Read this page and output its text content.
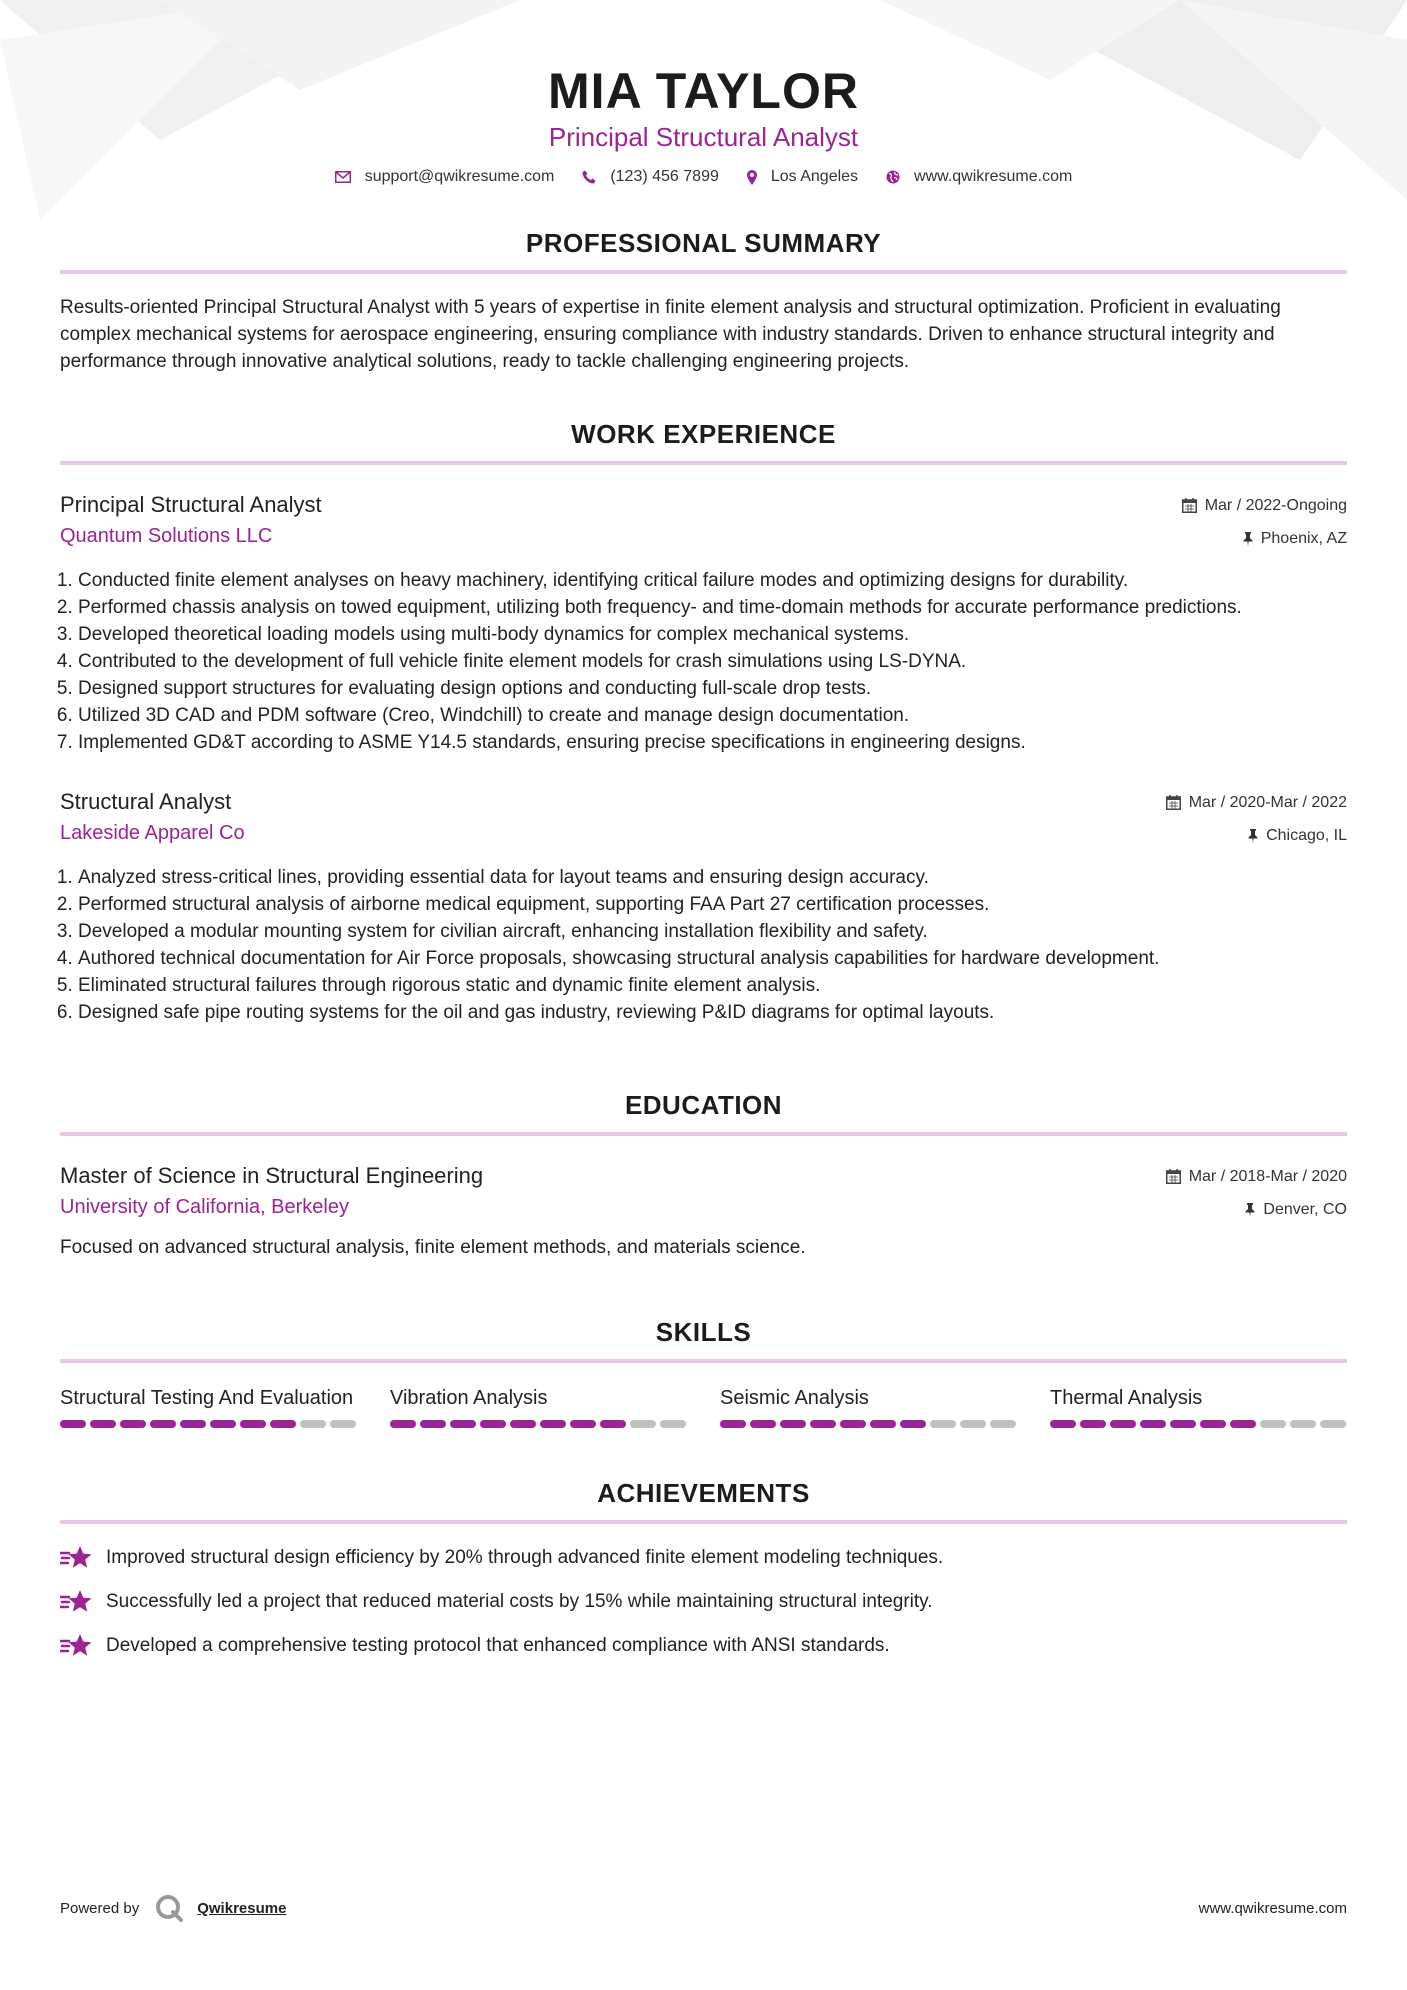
MIA TAYLOR
Principal Structural Analyst
support@qwikresume.com	(123) 456 7899	Los Angeles	www.qwikresume.com
PROFESSIONAL SUMMARY

Results-oriented Principal Structural Analyst with 5 years of expertise in finite element analysis and structural optimization. Proficient in evaluating complex mechanical systems for aerospace engineering, ensuring compliance with industry standards. Driven to enhance structural integrity and performance through innovative analytical solutions, ready to tackle challenging engineering projects.

WORK EXPERIENCE
Principal Structural Analyst
Quantum Solutions LLC
Mar / 2022-Ongoing
Phoenix, AZ
1. Conducted finite element analyses on heavy machinery, identifying critical failure modes and optimizing designs for durability.
2. Performed chassis analysis on towed equipment, utilizing both frequency- and time-domain methods for accurate performance predictions.
3. Developed theoretical loading models using multi-body dynamics for complex mechanical systems.
4. Contributed to the development of full vehicle finite element models for crash simulations using LS-DYNA.
5. Designed support structures for evaluating design options and conducting full-scale drop tests.
6. Utilized 3D CAD and PDM software (Creo, Windchill) to create and manage design documentation.
7. Implemented GD&T according to ASME Y14.5 standards, ensuring precise specifications in engineering designs.
Structural Analyst
Lakeside Apparel Co
Mar / 2020-Mar / 2022
Chicago, IL
1. Analyzed stress-critical lines, providing essential data for layout teams and ensuring design accuracy.
2. Performed structural analysis of airborne medical equipment, supporting FAA Part 27 certification processes.
3. Developed a modular mounting system for civilian aircraft, enhancing installation flexibility and safety.
4. Authored technical documentation for Air Force proposals, showcasing structural analysis capabilities for hardware development.
5. Eliminated structural failures through rigorous static and dynamic finite element analysis.
6. Designed safe pipe routing systems for the oil and gas industry, reviewing P&ID diagrams for optimal layouts.
EDUCATION
Master of Science in Structural Engineering
University of California, Berkeley
Mar / 2018-Mar / 2020
Denver, CO

Focused on advanced structural analysis, finite element methods, and materials science.

SKILLS
Structural Testing And Evaluation	Vibration Analysis	Seismic Analysis	Thermal Analysis
ACHIEVEMENTS
Improved structural design efficiency by 20% through advanced finite element modeling techniques.
Successfully led a project that reduced material costs by 15% while maintaining structural integrity.
Developed a comprehensive testing protocol that enhanced compliance with ANSI standards.
Powered by	Qwikresume	www.qwikresume.com
